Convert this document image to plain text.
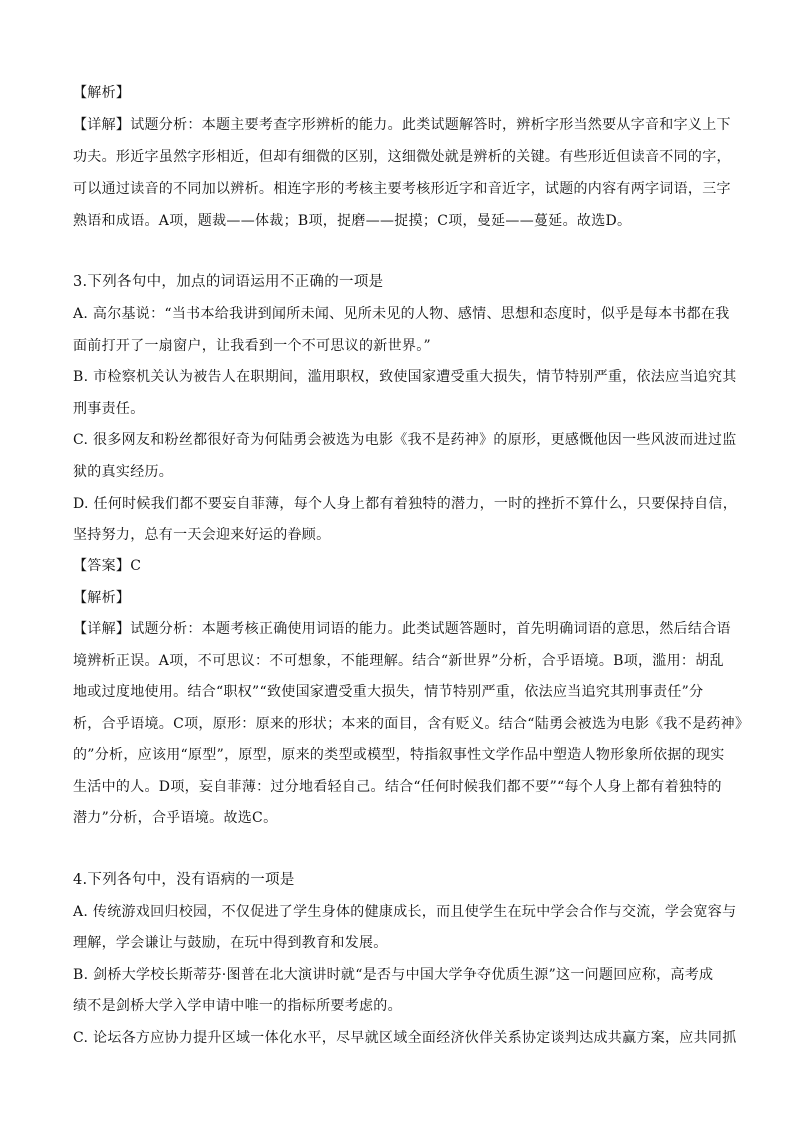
【解析】
【详解】试题分析：本题主要考查字形辨析的能力。此类试题解答时，辨析字形当然要从字音和字义上下
功夫。形近字虽然字形相近，但却有细微的区别，这细微处就是辨析的关键。有些形近但读音不同的字，
可以通过读音的不同加以辨析。相连字形的考核主要考核形近字和音近字，试题的内容有两字词语，三字
熟语和成语。A项，题裁——体裁；B项，捉磨——捉摸；C项，曼延——蔓延。故选D。
3.下列各句中，加点的词语运用不正确的一项是
A. 高尔基说：“当书本给我讲到闻所未闻、见所未见的人物、感情、思想和态度时，似乎是每本书都在我
面前打开了一扇窗户，让我看到一个不可思议的新世界。”
B. 市检察机关认为被告人在职期间，滥用职权，致使国家遭受重大损失，情节特别严重，依法应当追究其
刑事责任。
C. 很多网友和粉丝都很好奇为何陆勇会被选为电影《我不是药神》的原形，更感慨他因一些风波而进过监
狱的真实经历。
D. 任何时候我们都不要妄自菲薄，每个人身上都有着独特的潜力，一时的挫折不算什么，只要保持自信，
坚持努力，总有一天会迎来好运的眷顾。
【答案】C
【解析】
【详解】试题分析：本题考核正确使用词语的能力。此类试题答题时，首先明确词语的意思，然后结合语
境辨析正误。A项，不可思议：不可想象，不能理解。结合“新世界”分析，合乎语境。B项，滥用：胡乱
地或过度地使用。结合“职权”“致使国家遭受重大损失，情节特别严重，依法应当追究其刑事责任”分
析，合乎语境。C项，原形：原来的形状；本来的面目，含有贬义。结合“陆勇会被选为电影《我不是药神》
的”分析，应该用“原型”，原型，原来的类型或模型，特指叙事性文学作品中塑造人物形象所依据的现实
生活中的人。D项，妄自菲薄：过分地看轻自己。结合“任何时候我们都不要”“每个人身上都有着独特的
潜力”分析，合乎语境。故选C。
4.下列各句中，没有语病的一项是
A. 传统游戏回归校园，不仅促进了学生身体的健康成长，而且使学生在玩中学会合作与交流，学会宽容与
理解，学会谦让与鼓励，在玩中得到教育和发展。
B. 剑桥大学校长斯蒂芬·图普在北大演讲时就“是否与中国大学争夺优质生源”这一问题回应称，高考成
绩不是剑桥大学入学申请中唯一的指标所要考虑的。
C. 论坛各方应协力提升区域一体化水平，尽早就区域全面经济伙伴关系协定谈判达成共赢方案，应共同抓
